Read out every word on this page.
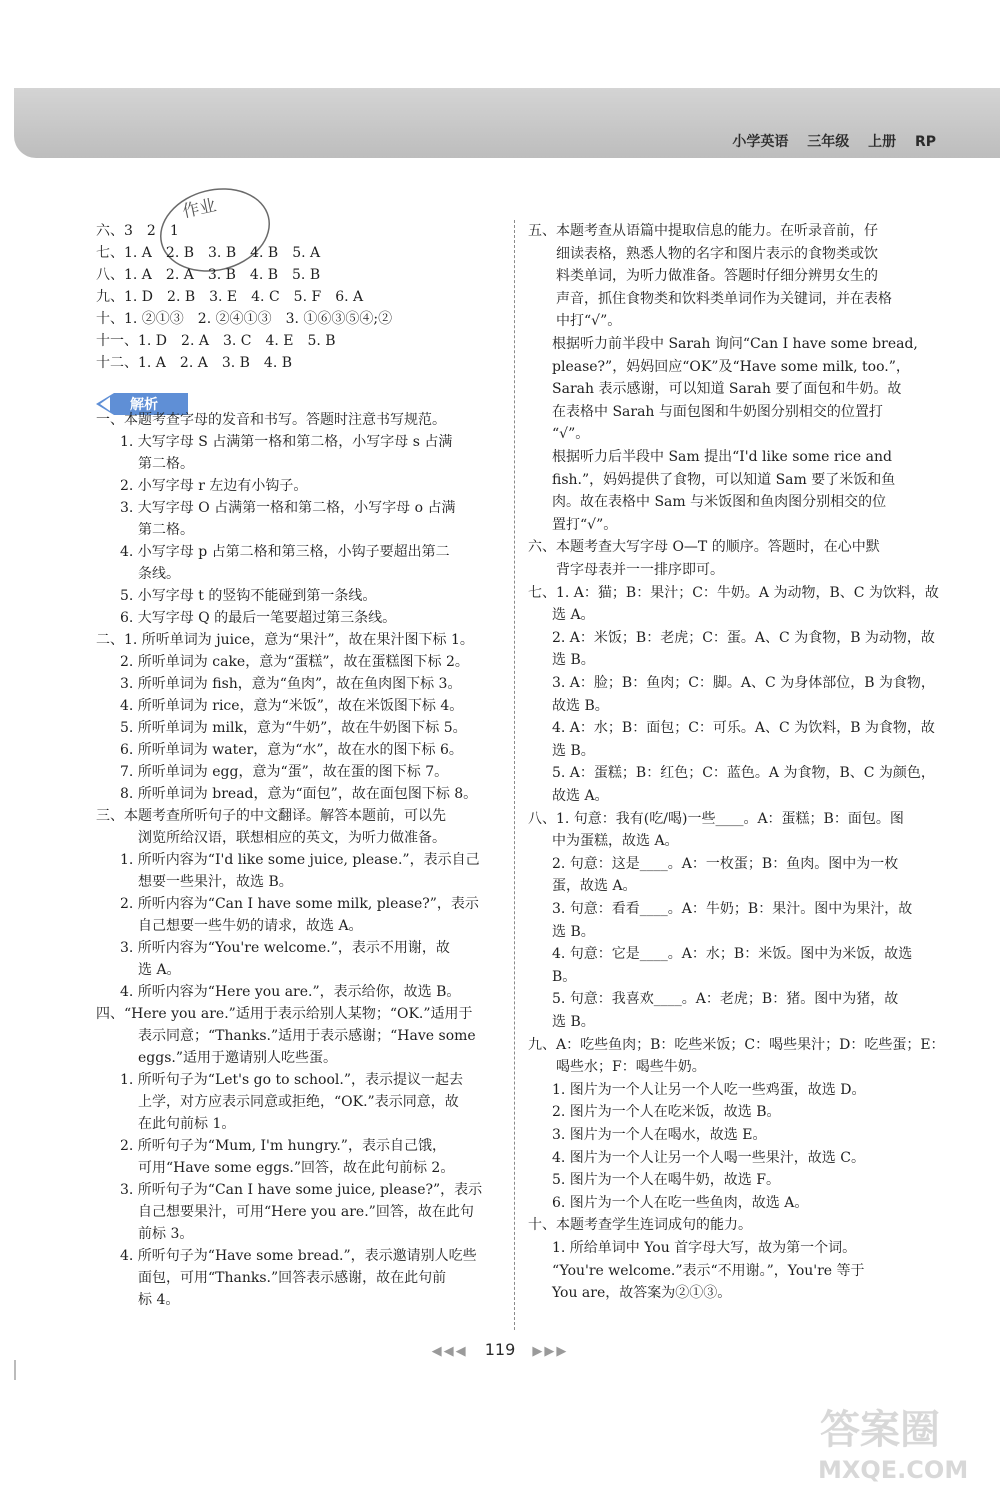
小学英语 三年级 上册 RP
作业
解析
六、3　2　1
七、1. A　2. B　3. B　4. B　5. A
八、1. A　2. A　3. B　4. B　5. B
九、1. D　2. B　3. E　4. C　5. F　6. A
十、1. ②①③　2. ②④①③　3. ①⑥③⑤④;②
十一、1. D　2. A　3. C　4. E　5. B
十二、1. A　2. A　3. B　4. B
一、本题考查字母的发音和书写。答题时注意书写规范。
1. 大写字母 S 占满第一格和第二格，小写字母 s 占满
第二格。
2. 小写字母 r 左边有小钩子。
3. 大写字母 O 占满第一格和第二格，小写字母 o 占满
第二格。
4. 小写字母 p 占第二格和第三格，小钩子要超出第二
条线。
5. 小写字母 t 的竖钩不能碰到第一条线。
6. 大写字母 Q 的最后一笔要超过第三条线。
二、1. 所听单词为 juice，意为“果汁”，故在果汁图下标 1。
2. 所听单词为 cake，意为“蛋糕”，故在蛋糕图下标 2。
3. 所听单词为 fish，意为“鱼肉”，故在鱼肉图下标 3。
4. 所听单词为 rice，意为“米饭”，故在米饭图下标 4。
5. 所听单词为 milk，意为“牛奶”，故在牛奶图下标 5。
6. 所听单词为 water，意为“水”，故在水的图下标 6。
7. 所听单词为 egg，意为“蛋”，故在蛋的图下标 7。
8. 所听单词为 bread，意为“面包”，故在面包图下标 8。
三、本题考查所听句子的中文翻译。解答本题前，可以先
浏览所给汉语，联想相应的英文，为听力做准备。
1. 所听内容为“I'd like some juice, please.”，表示自己
想要一些果汁，故选 B。
2. 所听内容为“Can I have some milk, please?”，表示
自己想要一些牛奶的请求，故选 A。
3. 所听内容为“You're welcome.”，表示不用谢，故
选 A。
4. 所听内容为“Here you are.”，表示给你，故选 B。
四、“Here you are.”适用于表示给别人某物；“OK.”适用于
表示同意；“Thanks.”适用于表示感谢；“Have some
eggs.”适用于邀请别人吃些蛋。
1. 所听句子为“Let's go to school.”，表示提议一起去
上学，对方应表示同意或拒绝，“OK.”表示同意，故
在此句前标 1。
2. 所听句子为“Mum, I'm hungry.”，表示自己饿，
可用“Have some eggs.”回答，故在此句前标 2。
3. 所听句子为“Can I have some juice, please?”，表示
自己想要果汁，可用“Here you are.”回答，故在此句
前标 3。
4. 所听句子为“Have some bread.”，表示邀请别人吃些
面包，可用“Thanks.”回答表示感谢，故在此句前
标 4。
五、本题考查从语篇中提取信息的能力。在听录音前，仔
细读表格，熟悉人物的名字和图片表示的食物类或饮
料类单词，为听力做准备。答题时仔细分辨男女生的
声音，抓住食物类和饮料类单词作为关键词，并在表格
中打“√”。
根据听力前半段中 Sarah 询问“Can I have some bread,
please?”，妈妈回应“OK”及“Have some milk, too.”，
Sarah 表示感谢，可以知道 Sarah 要了面包和牛奶。故
在表格中 Sarah 与面包图和牛奶图分别相交的位置打
“√”。
根据听力后半段中 Sam 提出“I'd like some rice and
fish.”，妈妈提供了食物，可以知道 Sam 要了米饭和鱼
肉。故在表格中 Sam 与米饭图和鱼肉图分别相交的位
置打“√”。
六、本题考查大写字母 O—T 的顺序。答题时，在心中默
背字母表并一一排序即可。
七、1. A：猫；B：果汁；C：牛奶。A 为动物，B、C 为饮料，故
选 A。
2. A：米饭；B：老虎；C：蛋。A、C 为食物，B 为动物，故
选 B。
3. A：脸；B：鱼肉；C：脚。A、C 为身体部位，B 为食物，
故选 B。
4. A：水；B：面包；C：可乐。A、C 为饮料，B 为食物，故
选 B。
5. A：蛋糕；B：红色；C：蓝色。A 为食物，B、C 为颜色，
故选 A。
八、1. 句意：我有(吃/喝)一些____。A：蛋糕；B：面包。图
中为蛋糕，故选 A。
2. 句意：这是____。A：一枚蛋；B：鱼肉。图中为一枚
蛋，故选 A。
3. 句意：看看____。A：牛奶；B：果汁。图中为果汁，故
选 B。
4. 句意：它是____。A：水；B：米饭。图中为米饭，故选
B。
5. 句意：我喜欢____。A：老虎；B：猪。图中为猪，故
选 B。
九、A：吃些鱼肉；B：吃些米饭；C：喝些果汁；D：吃些蛋；E：
喝些水；F：喝些牛奶。
1. 图片为一个人让另一个人吃一些鸡蛋，故选 D。
2. 图片为一个人在吃米饭，故选 B。
3. 图片为一个人在喝水，故选 E。
4. 图片为一个人让另一个人喝一些果汁，故选 C。
5. 图片为一个人在喝牛奶，故选 F。
6. 图片为一个人在吃一些鱼肉，故选 A。
十、本题考查学生连词成句的能力。
1. 所给单词中 You 首字母大写，故为第一个词。
“You're welcome.”表示“不用谢。”，You're 等于
You are，故答案为②①③。
◀◀◀ 119 ▶▶▶
答案圈
MXQE.COM
